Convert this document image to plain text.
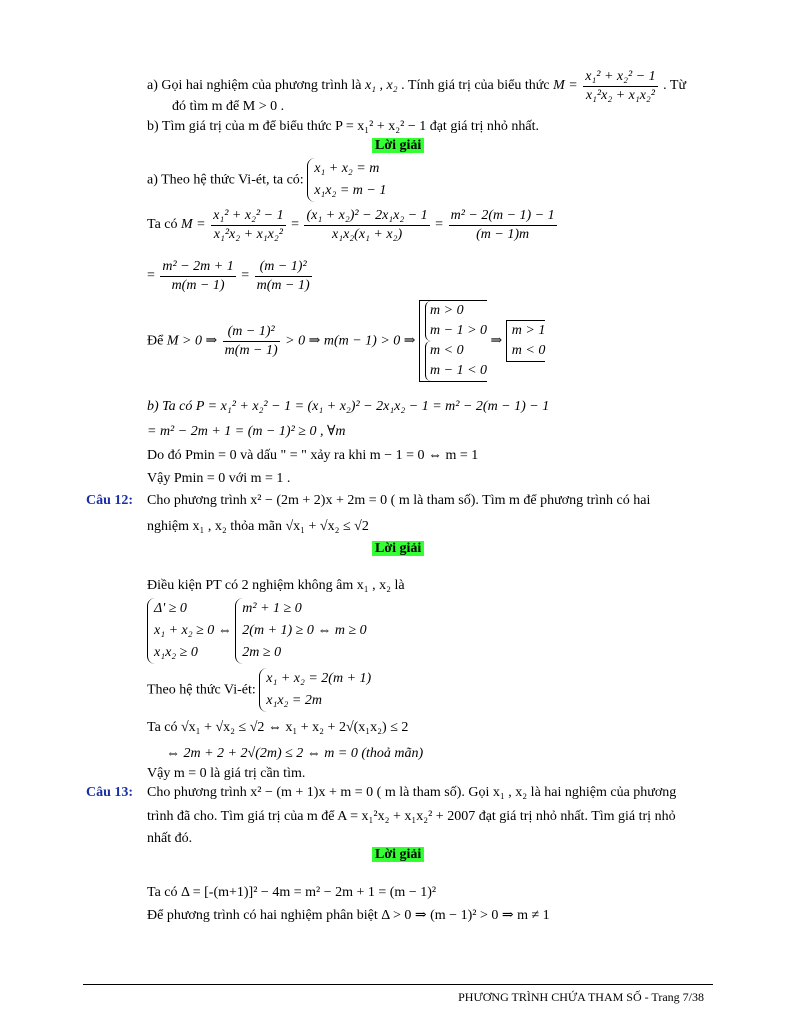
a) Gọi hai nghiệm của phương trình là x₁ , x₂ . Tính giá trị của biểu thức $M = \frac{\text{x₁² + x₂² − 1}}{\text{x₁²x₂ + x₁x₂²}}$ . Từ
đó tìm m để M > 0 .
b) Tìm giá trị của m để biểu thức P = x₁² + x₂² − 1 đạt giá trị nhỏ nhất.
Lời giải
a) Theo hệ thức Vi-ét, ta có:
x₁ + x₂ = m
x₁x₂ = m − 1
Ta có $M = \frac{\text{x₁² + x₂² − 1}}{\text{x₁²x₂ + x₁x₂²}} = \frac{\text{(x₁ + x₂)² − 2x₁x₂ − 1}}{\text{x₁x₂(x₁ + x₂)}} = \frac{\text{m² − 2(m − 1) − 1}}{(m - 1)m}$
= $\frac{\text{m² − 2m + 1}}{m(m - 1)} = \frac{\text{(m − 1)²}}{m(m - 1)}$
Để M > 0 ⇒ $\frac{\text{(m − 1)²}}{m(m - 1)} > 0$ ⇒ m(m − 1) > 0 ⇒
m > 0
m − 1 > 0
m < 0
m − 1 < 0
⇒
m > 1
m < 0
b) Ta có P = x₁² + x₂² − 1 = (x₁ + x₂)² − 2x₁x₂ − 1 = m² − 2(m − 1) − 1
= m² − 2m + 1 = (m − 1)² ≥ 0 , ∀m
Do đó Pmin = 0 và dấu " = " xảy ra khi m − 1 = 0 ⇔ m = 1
Vậy Pmin = 0 với m = 1 .
Câu 12: Cho phương trình x² − (2m + 2)x + 2m = 0 ( m là tham số). Tìm m để phương trình có hai
nghiệm x₁ , x₂ thỏa mãn √x₁ + √x₂ ≤ √2
Lời giải
Điều kiện PT có 2 nghiệm không âm x₁ , x₂ là
Δ' ≥ 0
x₁ + x₂ ≥ 0 ⇔
x₁x₂ ≥ 0

m² + 1 ≥ 0
2(m + 1) ≥ 0 ⇔ m ≥ 0
2m ≥ 0
Theo hệ thức Vi-ét:
x₁ + x₂ = 2(m + 1)
x₁x₂ = 2m
Ta có √x₁ + √x₂ ≤ √2 ⇔ x₁ + x₂ + 2√(x₁x₂) ≤ 2
⇔ 2m + 2 + 2√(2m) ≤ 2 ⇔ m = 0 (thoả mãn)
Vậy m = 0 là giá trị cần tìm.
Câu 13: Cho phương trình x² − (m + 1)x + m = 0 ( m là tham số). Gọi x₁ , x₂ là hai nghiệm của phương
trình đã cho. Tìm giá trị của m để A = x₁²x₂ + x₁x₂² + 2007 đạt giá trị nhỏ nhất. Tìm giá trị nhỏ
nhất đó.
Lời giải
Ta có Δ = [-(m+1)]² − 4m = m² − 2m + 1 = (m − 1)²
Để phương trình có hai nghiệm phân biệt Δ > 0 ⇒ (m − 1)² > 0 ⇒ m ≠ 1
PHƯƠNG TRÌNH CHỨA THAM SỐ - Trang 7/38
